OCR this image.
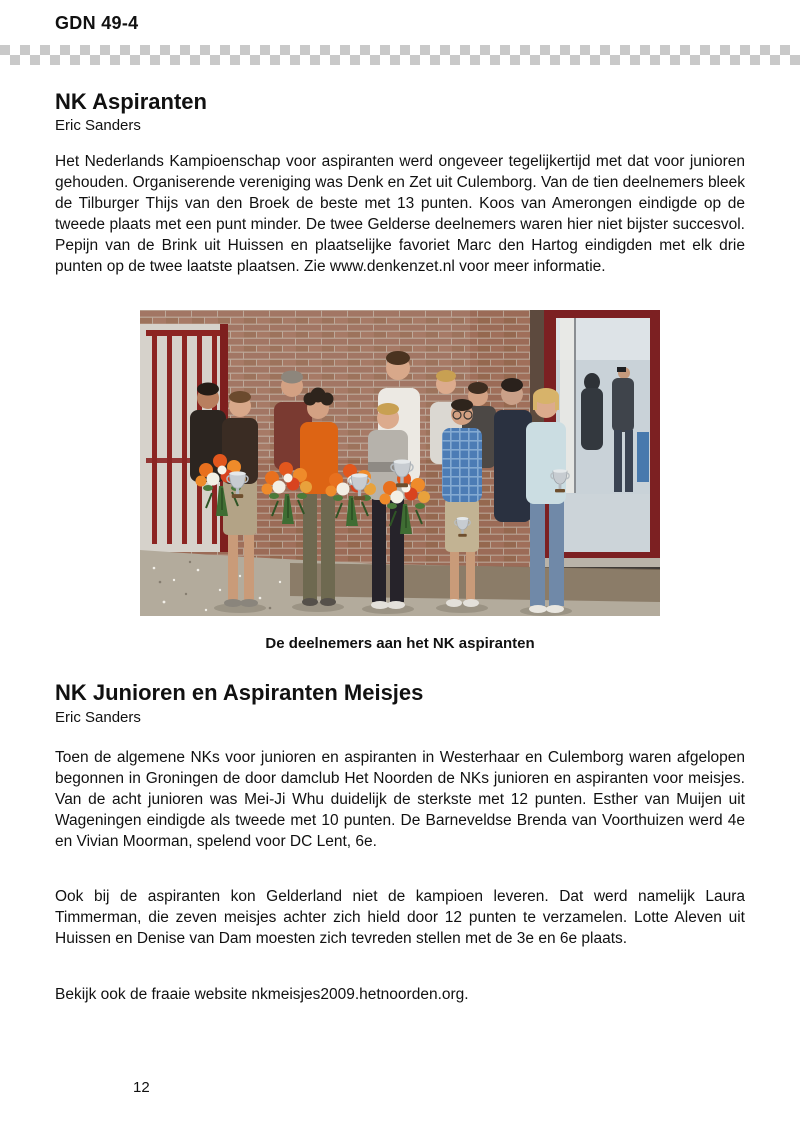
GDN 49-4
NK Aspiranten
Eric Sanders

Het Nederlands Kampioenschap voor aspiranten werd ongeveer tegelijkertijd met dat voor junioren gehouden. Organiserende vereniging was Denk en Zet uit Culemborg. Van de tien deelnemers bleek de Tilburger Thijs van den Broek de beste met 13 punten. Koos van Amerongen eindigde op de tweede plaats met een punt minder. De twee Gelderse deelnemers waren hier niet bijster succesvol. Pepijn van de Brink uit Huissen en plaatselijke favoriet Marc den Hartog eindigden met elk drie punten op de twee laatste plaatsen. Zie www.denkenzet.nl voor meer informatie.

De deelnemers aan het NK aspiranten
NK Junioren en Aspiranten Meisjes
Eric Sanders

Toen de algemene NKs voor junioren en aspiranten in Westerhaar en Culemborg waren afgelopen begonnen in Groningen de door damclub Het Noorden de NKs junioren en aspiranten voor meisjes. Van de acht junioren was Mei-Ji Whu duidelijk de sterkste met 12 punten. Esther van Muijen uit Wageningen eindigde als tweede met 10 punten. De Barneveldse Brenda van Voorthuizen werd 4e en Vivian Moorman, spelend voor DC Lent, 6e.

Ook bij de aspiranten kon Gelderland niet de kampioen leveren. Dat werd namelijk Laura Timmerman, die zeven meisjes achter zich hield door 12 punten te verzamelen. Lotte Aleven uit Huissen en Denise van Dam moesten zich tevreden stellen met de 3e en 6e plaats.

Bekijk ook de fraaie website nkmeisjes2009.hetnoorden.org.
12
